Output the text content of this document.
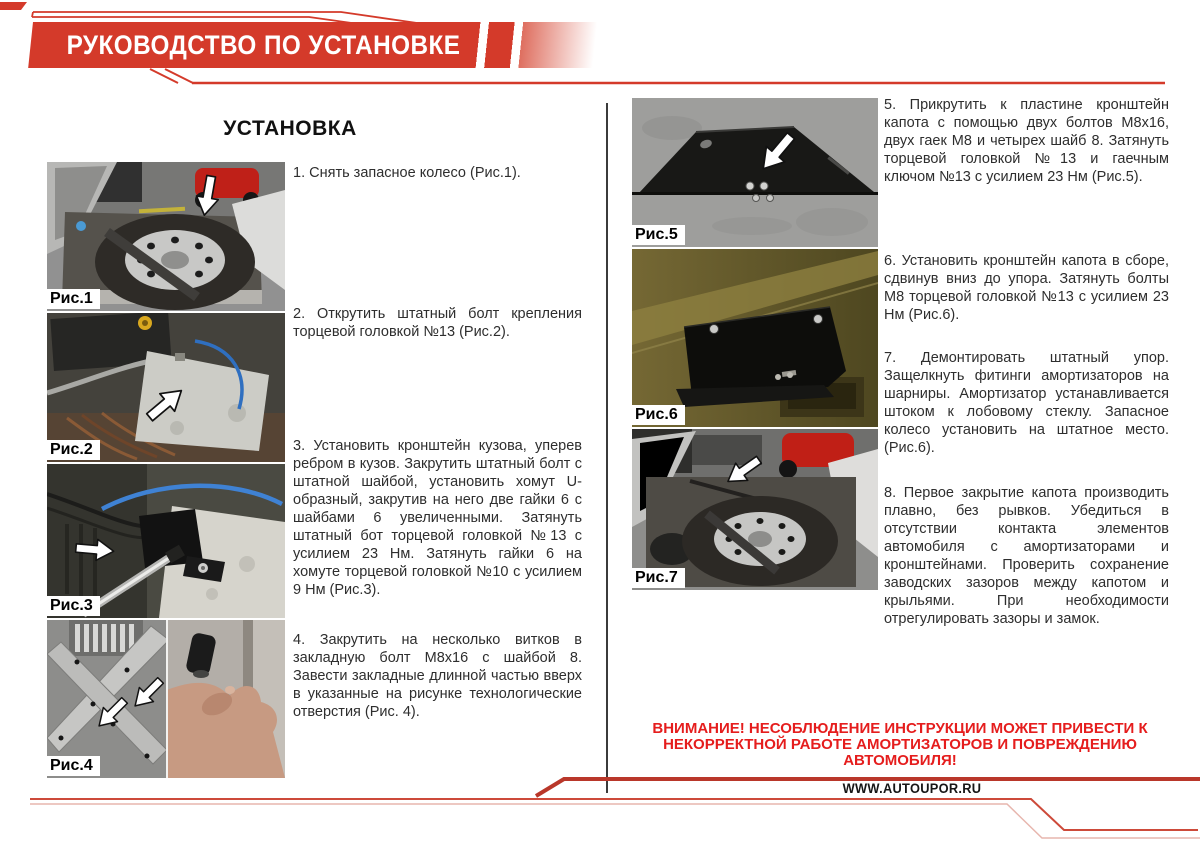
РУКОВОДСТВО ПО УСТАНОВКЕ
УСТАНОВКА
Рис.1
Рис.2
Рис.3
Рис.4
Рис.5
Рис.6
Рис.7
1. Снять запасное колесо (Рис.1).
2. Открутить штатный болт крепления торцевой головкой №13 (Рис.2).
3. Установить кронштейн кузова, уперев ребром в кузов. Закрутить штатный болт с штатной шайбой, установить хомут U-образный, закрутив на него две гайки 6 с шайбами 6 увеличенными. Затянуть штатный бот торцевой головкой №13 с усилием 23 Нм. Затянуть гайки 6 на хомуте торцевой головкой №10 с усилием 9 Нм (Рис.3).
4. Закрутить на несколько витков в закладную болт М8х16 с шайбой 8. Завести закладные длинной частью вверх в указанные на рисунке технологические отверстия (Рис. 4).
5. Прикрутить к пластине кронштейн капота с помощью двух болтов М8х16, двух гаек М8 и четырех шайб 8. Затянуть торцевой головкой №13 и гаечным ключом №13 с усилием 23 Нм (Рис.5).
6. Установить кронштейн капота в сборе, сдвинув вниз до упора. Затянуть болты М8 торцевой головкой №13 с усилием 23 Нм (Рис.6).
7. Демонтировать штатный упор. Защелкнуть фитинги амортизаторов на шарниры. Амортизатор устанавливается штоком к лобовому стеклу. Запасное колесо установить на штатное место. (Рис.6).
8. Первое закрытие капота производить плавно, без рывков. Убедиться в отсутствии контакта элементов автомобиля с амортизаторами и кронштейнами. Проверить сохранение заводских зазоров между капотом и крыльями. При необходимости отрегулировать зазоры и замок.
ВНИМАНИЕ! НЕСОБЛЮДЕНИЕ ИНСТРУКЦИИ МОЖЕТ ПРИВЕСТИ К НЕКОРРЕКТНОЙ РАБОТЕ АМОРТИЗАТОРОВ И ПОВРЕЖДЕНИЮ АВТОМОБИЛЯ!
WWW.AUTOUPOR.RU
